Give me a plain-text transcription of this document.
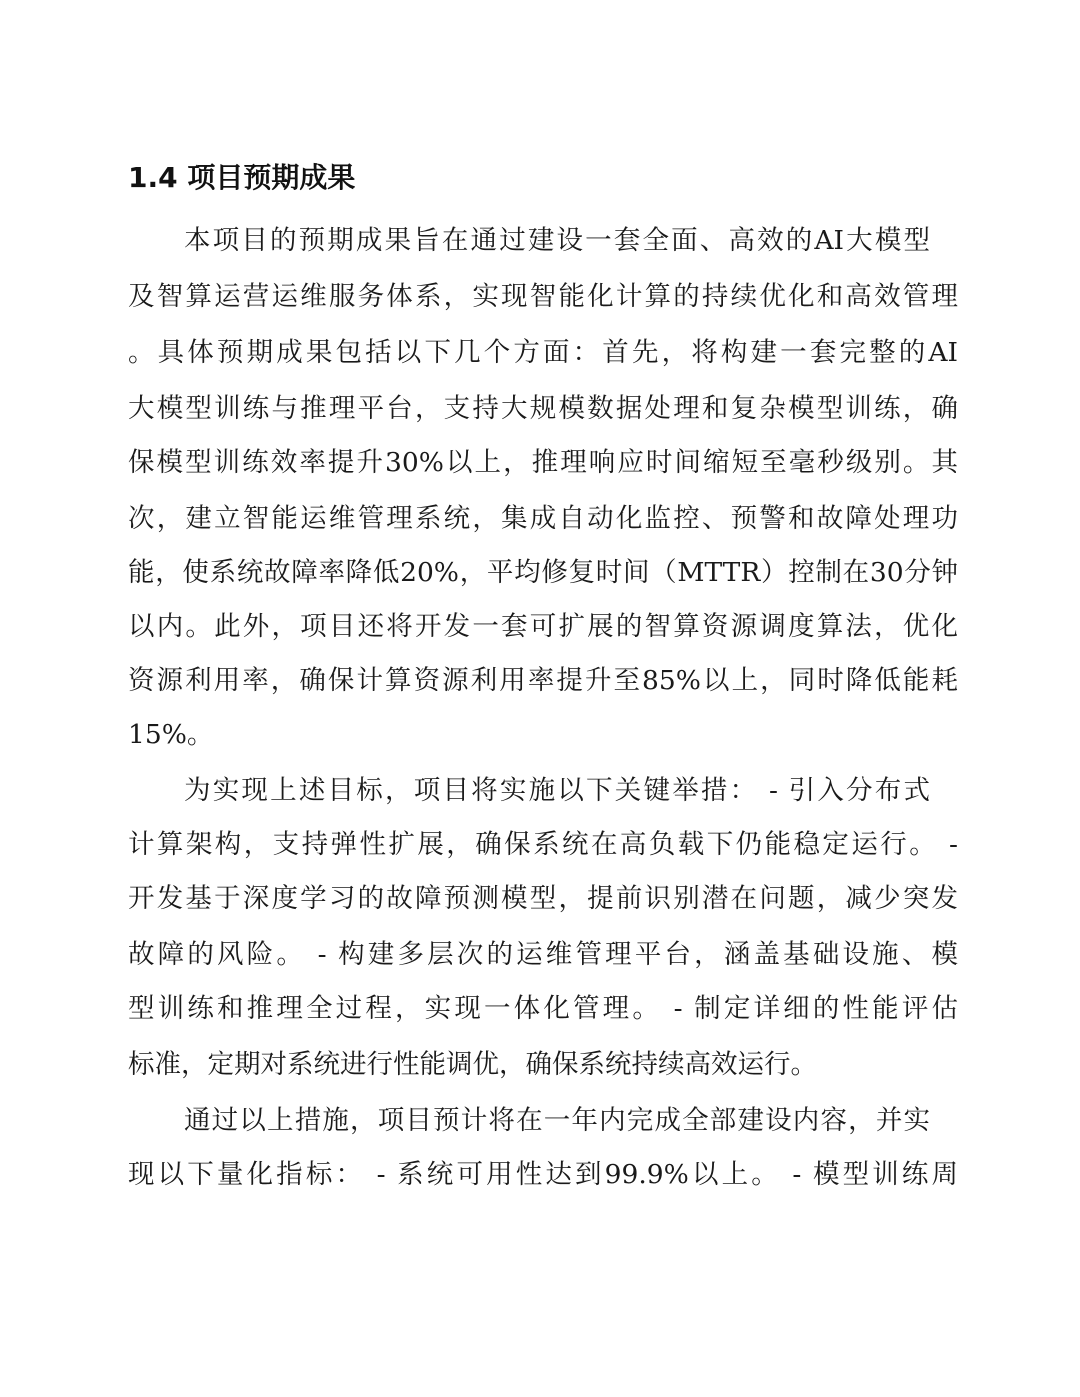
1.4 项目预期成果
本项目的预期成果旨在通过建设一套全面、高效的AI大模型
及智算运营运维服务体系，实现智能化计算的持续优化和高效管理
。具体预期成果包括以下几个方面：首先，将构建一套完整的AI
大模型训练与推理平台，支持大规模数据处理和复杂模型训练，确
保模型训练效率提升30%以上，推理响应时间缩短至毫秒级别。其
次，建立智能运维管理系统，集成自动化监控、预警和故障处理功
能，使系统故障率降低20%，平均修复时间（MTTR）控制在30分钟
以内。此外，项目还将开发一套可扩展的智算资源调度算法，优化
资源利用率，确保计算资源利用率提升至85%以上，同时降低能耗
15%。
为实现上述目标，项目将实施以下关键举措： - 引入分布式
计算架构，支持弹性扩展，确保系统在高负载下仍能稳定运行。 -
开发基于深度学习的故障预测模型，提前识别潜在问题，减少突发
故障的风险。 - 构建多层次的运维管理平台，涵盖基础设施、模
型训练和推理全过程，实现一体化管理。 - 制定详细的性能评估
标准，定期对系统进行性能调优，确保系统持续高效运行。
通过以上措施，项目预计将在一年内完成全部建设内容，并实
现以下量化指标： - 系统可用性达到99.9%以上。 - 模型训练周
